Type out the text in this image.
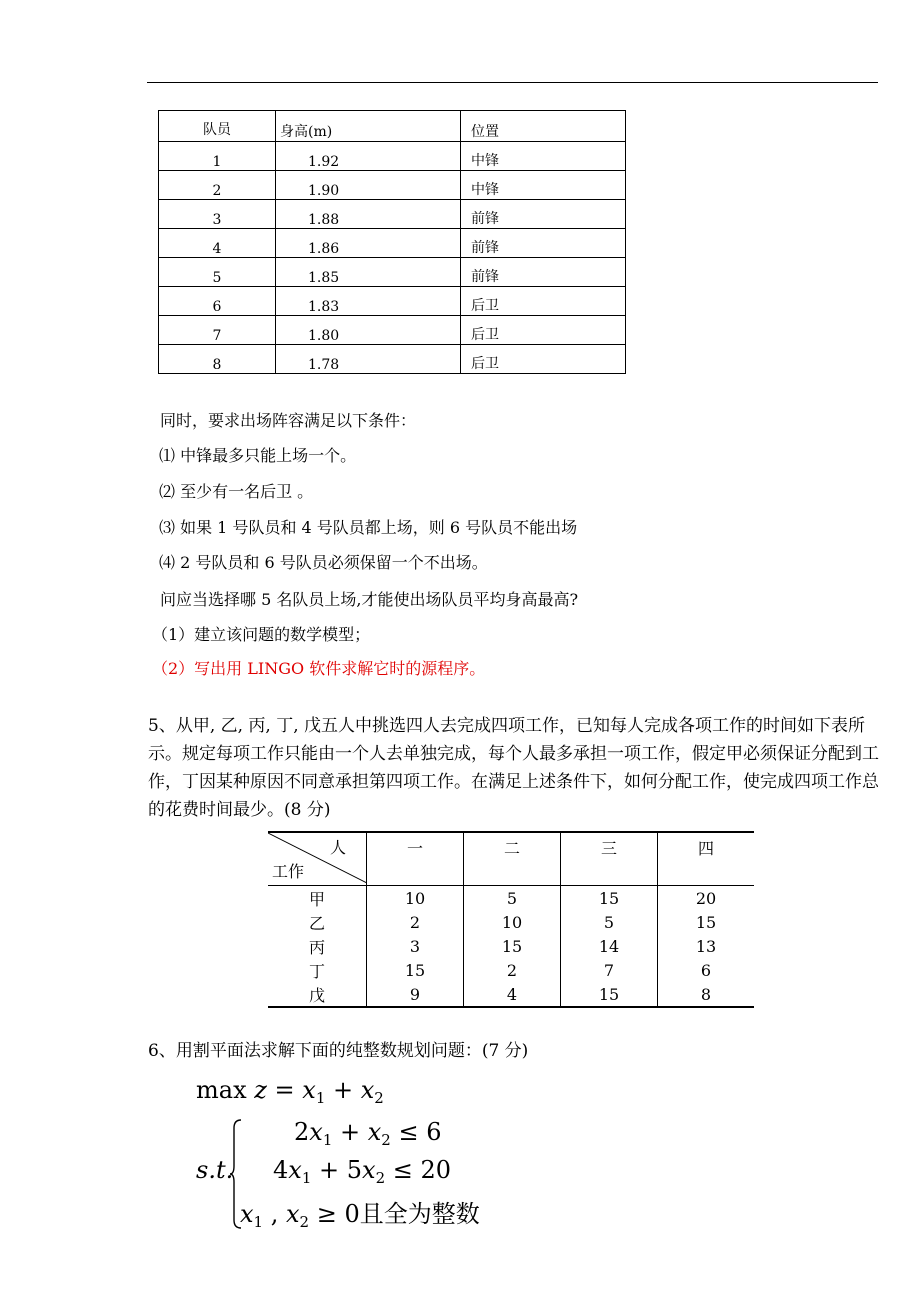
队员	身高(m)	位置
1	1.92	中锋
2	1.90	中锋
3	1.88	前锋
4	1.86	前锋
5	1.85	前锋
6	1.83	后卫
7	1.80	后卫
8	1.78	后卫
同时，要求出场阵容满足以下条件：
⑴ 中锋最多只能上场一个。
⑵ 至少有一名后卫 。
⑶ 如果 1 号队员和 4 号队员都上场，则 6 号队员不能出场
⑷ 2 号队员和 6 号队员必须保留一个不出场。
问应当选择哪 5 名队员上场,才能使出场队员平均身高最高?
（1）建立该问题的数学模型；
（2）写出用 LINGO 软件求解它时的源程序。
5、从甲, 乙, 丙, 丁, 戊五人中挑选四人去完成四项工作，已知每人完成各项工作的时间如下表所示。规定每项工作只能由一个人去单独完成，每个人最多承担一项工作，假定甲必须保证分配到工作，丁因某种原因不同意承担第四项工作。在满足上述条件下，如何分配工作，使完成四项工作总的花费时间最少。(8 分)
人
工作	一	二	三	四
甲	10	5	15	20
乙	2	10	5	15
丙	3	15	14	13
丁	15	2	7	6
戊	9	4	15	8
6、用割平面法求解下面的纯整数规划问题：(7 分)
$\max z = x_1 + x_2$
$2x_1 + x_2 \le 6$
s.t. $4x_1 + 5x_2 \le 20$
$x_1$ , $x_2 \ge 0$且全为整数
